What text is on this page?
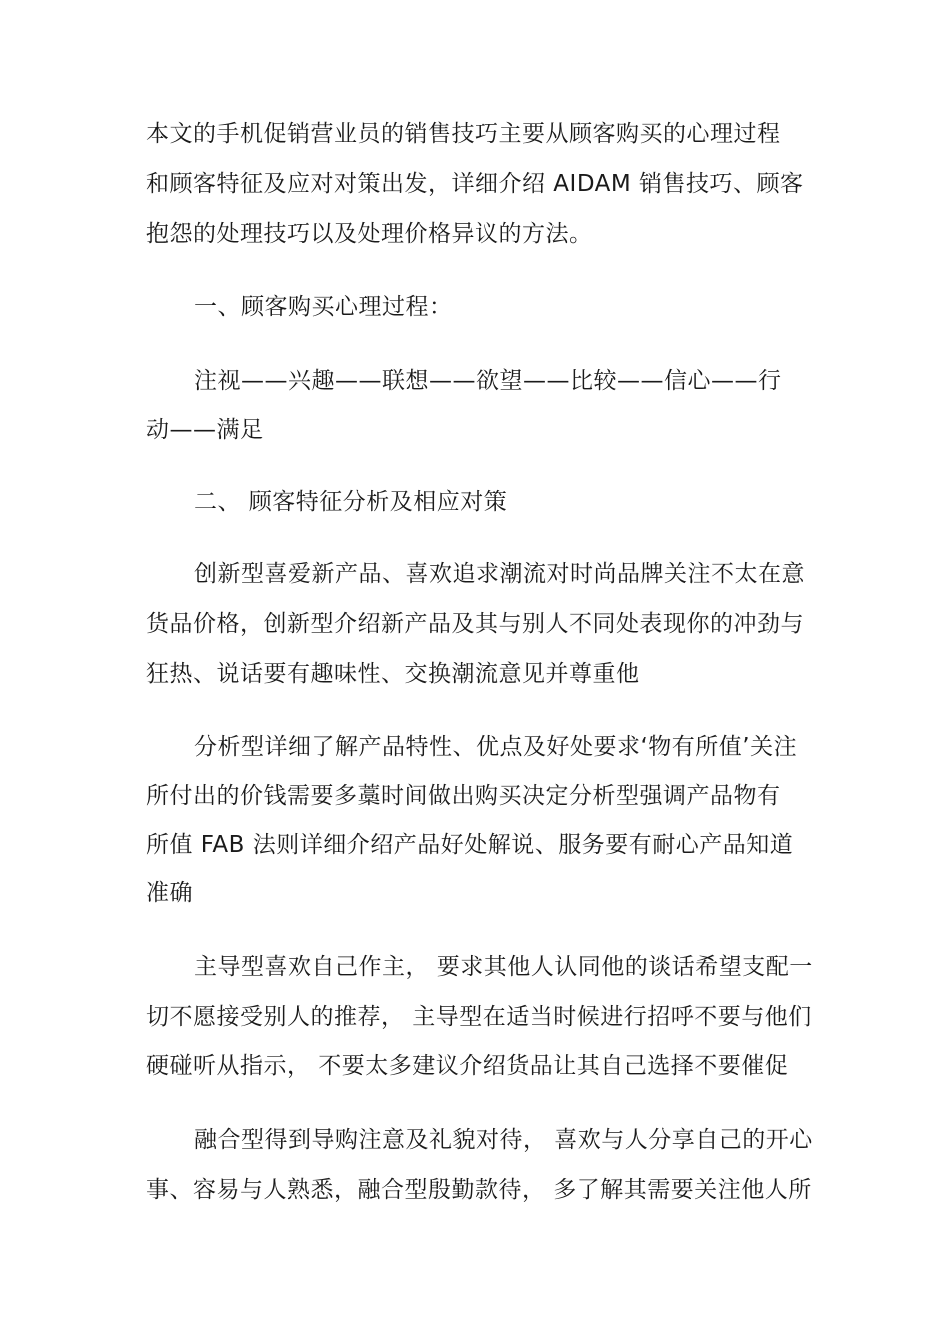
本文的手机促销营业员的销售技巧主要从顾客购买的心理过程
和顾客特征及应对对策出发，详细介绍 AIDAM 销售技巧、顾客
抱怨的处理技巧以及处理价格异议的方法。
一、顾客购买心理过程：
注视——兴趣——联想——欲望——比较——信心——行
动——满足
二、 顾客特征分析及相应对策
创新型喜爱新产品、喜欢追求潮流对时尚品牌关注不太在意
货品价格，创新型介绍新产品及其与别人不同处表现你的冲劲与
狂热、说话要有趣味性、交换潮流意见并尊重他
分析型详细了解产品特性、优点及好处要求‘物有所值’关注
所付出的价钱需要多藁时间做出购买决定分析型强调产品物有
所值 FAB 法则详细介绍产品好处解说、服务要有耐心产品知道
准确
主导型喜欢自己作主， 要求其他人认同他的谈话希望支配一
切不愿接受别人的推荐， 主导型在适当时候进行招呼不要与他们
硬碰听从指示， 不要太多建议介绍货品让其自己选择不要催促
融合型得到导购注意及礼貌对待， 喜欢与人分享自己的开心
事、容易与人熟悉，融合型殷勤款待， 多了解其需要关注他人所
